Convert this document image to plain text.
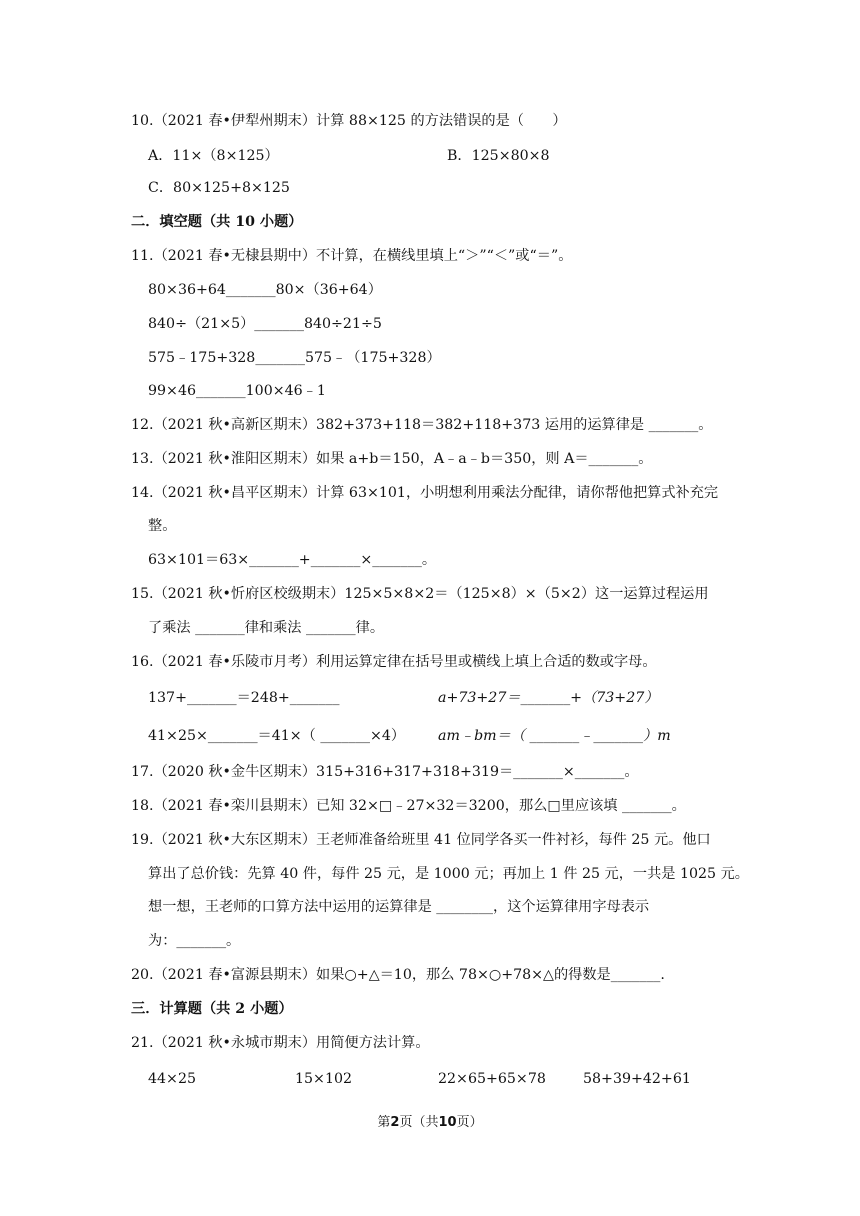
10.（2021 春•伊犁州期末）计算 88×125 的方法错误的是（　　）
A．11×（8×125）	B．125×80×8
C．80×125+8×125
二．填空题（共 10 小题）
11.（2021 春•无棣县期中）不计算，在横线里填上“＞”“＜”或“＝”。
80×36+64_______80×（36+64）
840÷（21×5）_______840÷21÷5
575﹣175+328_______575﹣（175+328）
99×46_______100×46﹣1
12.（2021 秋•高新区期末）382+373+118＝382+118+373 运用的运算律是 _______。
13.（2021 秋•淮阳区期末）如果 a+b＝150，A﹣a﹣b＝350，则 A＝_______。
14.（2021 秋•昌平区期末）计算 63×101，小明想利用乘法分配律，请你帮他把算式补充完
整。
63×101＝63×_______+_______×_______。
15.（2021 秋•忻府区校级期末）125×5×8×2＝（125×8）×（5×2）这一运算过程运用
了乘法 _______律和乘法 _______律。
16.（2021 春•乐陵市月考）利用运算定律在括号里或横线上填上合适的数或字母。
137+_______＝248+_______	a+73+27＝_______+（73+27）
41×25×_______＝41×（ _______×4） am﹣bm＝（ _______﹣_______）m
17.（2020 秋•金牛区期末）315+316+317+318+319＝_______×_______。
18.（2021 春•栾川县期末）已知 32×□﹣27×32＝3200，那么□里应该填 _______。
19.（2021 秋•大东区期末）王老师准备给班里 41 位同学各买一件衬衫，每件 25 元。他口
算出了总价钱：先算 40 件，每件 25 元，是 1000 元；再加上 1 件 25 元，一共是 1025 元。
想一想，王老师的口算方法中运用的运算律是 ________，这个运算律用字母表示
为：_______。
20.（2021 春•富源县期末）如果○+△＝10，那么 78×○+78×△的得数是_______.
三．计算题（共 2 小题）
21.（2021 秋•永城市期末）用简便方法计算。
44×25	15×102	22×65+65×78	58+39+42+61
第2页（共10页）
